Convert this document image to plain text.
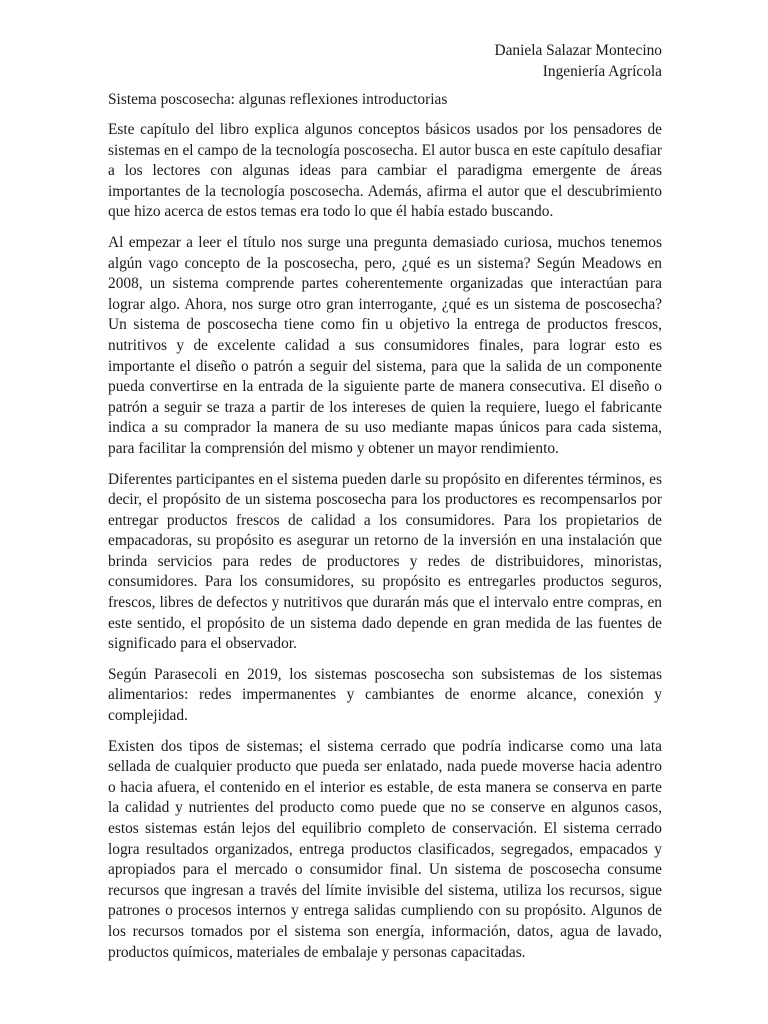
Daniela Salazar Montecino
Ingeniería Agrícola

Sistema poscosecha: algunas reflexiones introductorias

Este capítulo del libro explica algunos conceptos básicos usados por los pensadores de sistemas en el campo de la tecnología poscosecha. El autor busca en este capítulo desafiar a los lectores con algunas ideas para cambiar el paradigma emergente de áreas importantes de la tecnología poscosecha. Además, afirma el autor que el descubrimiento que hizo acerca de estos temas era todo lo que él había estado buscando.

Al empezar a leer el título nos surge una pregunta demasiado curiosa, muchos tenemos algún vago concepto de la poscosecha, pero, ¿qué es un sistema? Según Meadows en 2008, un sistema comprende partes coherentemente organizadas que interactúan para lograr algo. Ahora, nos surge otro gran interrogante, ¿qué es un sistema de poscosecha? Un sistema de poscosecha tiene como fin u objetivo la entrega de productos frescos, nutritivos y de excelente calidad a sus consumidores finales, para lograr esto es importante el diseño o patrón a seguir del sistema, para que la salida de un componente pueda convertirse en la entrada de la siguiente parte de manera consecutiva. El diseño o patrón a seguir se traza a partir de los intereses de quien la requiere, luego el fabricante indica a su comprador la manera de su uso mediante mapas únicos para cada sistema, para facilitar la comprensión del mismo y obtener un mayor rendimiento.

Diferentes participantes en el sistema pueden darle su propósito en diferentes términos, es decir, el propósito de un sistema poscosecha para los productores es recompensarlos por entregar productos frescos de calidad a los consumidores. Para los propietarios de empacadoras, su propósito es asegurar un retorno de la inversión en una instalación que brinda servicios para redes de productores y redes de distribuidores, minoristas, consumidores. Para los consumidores, su propósito es entregarles productos seguros, frescos, libres de defectos y nutritivos que durarán más que el intervalo entre compras, en este sentido, el propósito de un sistema dado depende en gran medida de las fuentes de significado para el observador.

Según Parasecoli en 2019, los sistemas poscosecha son subsistemas de los sistemas alimentarios: redes impermanentes y cambiantes de enorme alcance, conexión y complejidad.

Existen dos tipos de sistemas; el sistema cerrado que podría indicarse como una lata sellada de cualquier producto que pueda ser enlatado, nada puede moverse hacia adentro o hacia afuera, el contenido en el interior es estable, de esta manera se conserva en parte la calidad y nutrientes del producto como puede que no se conserve en algunos casos, estos sistemas están lejos del equilibrio completo de conservación. El sistema cerrado logra resultados organizados, entrega productos clasificados, segregados, empacados y apropiados para el mercado o consumidor final. Un sistema de poscosecha consume recursos que ingresan a través del límite invisible del sistema, utiliza los recursos, sigue patrones o procesos internos y entrega salidas cumpliendo con su propósito. Algunos de los recursos tomados por el sistema son energía, información, datos, agua de lavado, productos químicos, materiales de embalaje y personas capacitadas.
